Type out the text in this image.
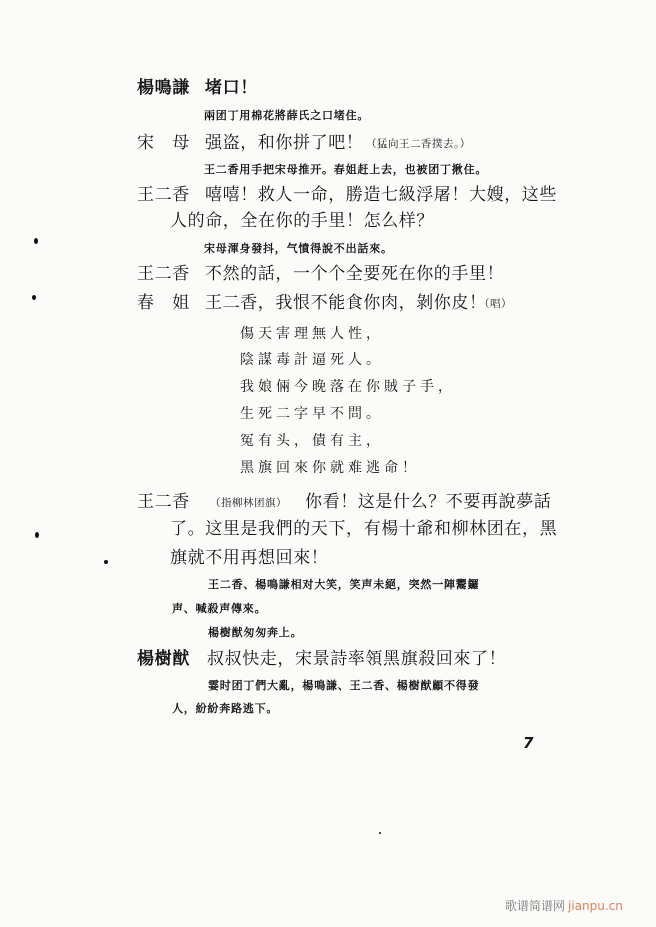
楊鳴謙 堵口！
兩团丁用棉花將薛氏之口堵住。
宋　母 强盗，和你拼了吧！ （猛向王二香撲去。）
王二香用手把宋母推开。春姐赶上去，也被团丁揪住。
王二香 嘻嘻！救人一命，勝造七級浮屠！大嫂，这些
人的命，全在你的手里！怎么样？
宋母渾身發抖，气憤得說不出話來。
王二香 不然的話，一个个全要死在你的手里！
春　姐 王二香，我恨不能食你肉，剝你皮！
（唱）
傷天害理無人性，
陰謀毒計逼死人。
我娘倆今晚落在你賊子手，
生死二字早不問。
冤有头，債有主，
黑旗回來你就难逃命！
王二香 （指柳林团旗） 你看！这是什么？不要再說夢話
了。这里是我們的天下，有楊十爺和柳林团在，黑
旗就不用再想回來！
王二香、楊鳴謙相对大笑，笑声未絕，突然一陣鬻鑼
声、喊殺声傳來。
楊樹猷匆匆奔上。
楊樹猷 叔叔快走，宋景詩率領黑旗殺回來了！
霎时团丁們大亂，楊鳴謙、王二香、楊樹猷顧不得發
人，紛紛奔路逃下。
7
歌谱简谱网 jianpu.cn
